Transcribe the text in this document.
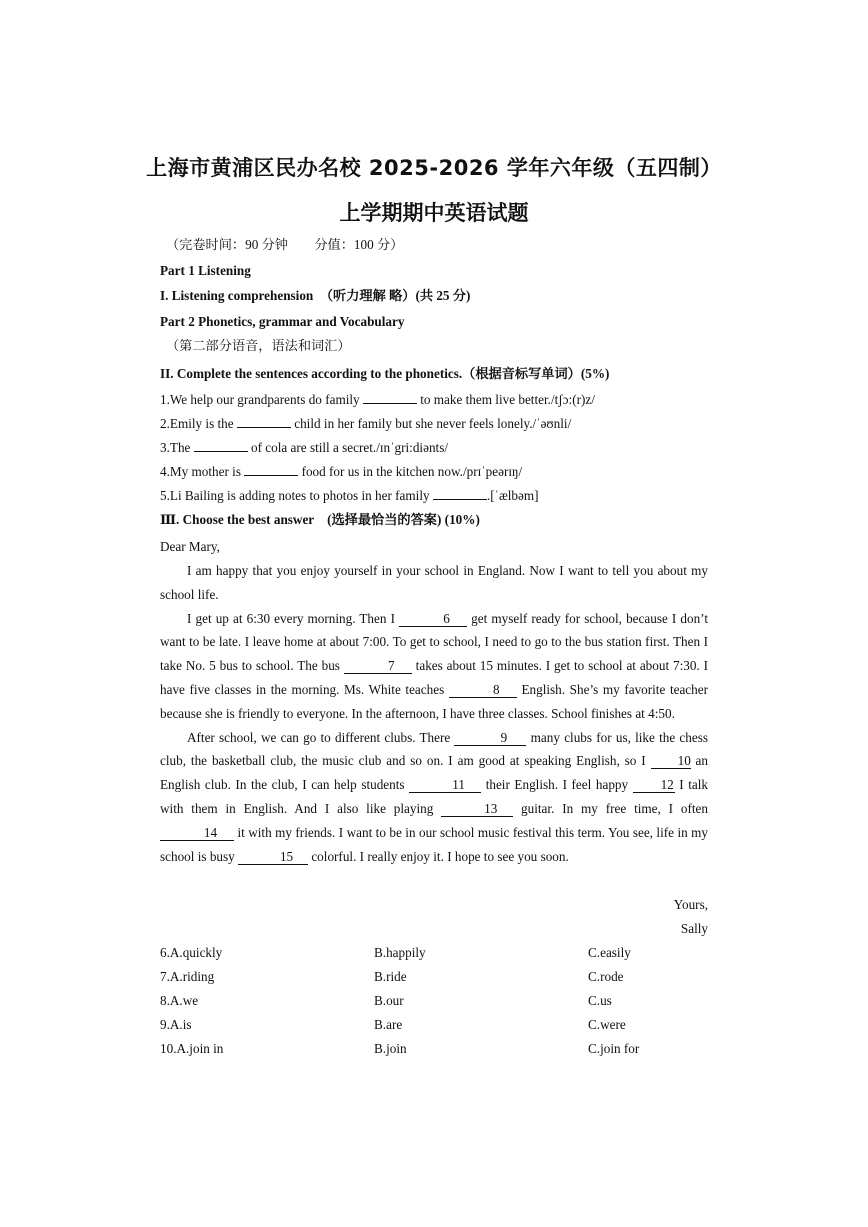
上海市黄浦区民办名校 2025-2026 学年六年级（五四制）
上学期期中英语试题
（完卷时间：90 分钟　　分值：100 分）
Part 1 Listening
I. Listening comprehension　（听力理解 略）(共 25 分)
Part 2 Phonetics, grammar and Vocabulary
（第二部分语音，语法和词汇）
II. Complete the sentences according to the phonetics.（根据音标写单词）(5%)
1.We help our grandparents do family	to make them live better./tʃɔ:(r)z/
2.Emily is the	child in her family but she never feels lonely./ˈəʊnli/
3.The	of cola are still a secret./ɪnˈgri:diənts/
4.My mother is	food for us in the kitchen now./prɪˈpeərɪŋ/
5.Li Bailing is adding notes to photos in her family	.[ˈælbəm]
Ⅲ. Choose the best answer　(选择最恰当的答案) (10%)
Dear Mary,

I am happy that you enjoy yourself in your school in England. Now I want to tell you about my school life.

I get up at 6:30 every morning. Then I	6 get myself ready for school, because I don’t want to be late. I leave home at about 7:00. To get to school, I need to go to the bus station first. Then I take No. 5 bus to school. The bus	7 takes about 15 minutes. I get to school at about 7:30. I have five classes in the morning. Ms. White teaches	8 English. She’s my favorite teacher because she is friendly to everyone. In the afternoon, I have three classes. School finishes at 4:50.

After school, we can go to different clubs. There	9 many clubs for us, like the chess club, the basketball club, the music club and so on. I am good at speaking English, so I 10 an English club. In the club, I can help students	11 their English. I feel happy 12 I talk with them in English. And I also like playing	13 guitar. In my free time, I often 14 it with my friends. I want to be in our school music festival this term. You see, life in my school is busy	15 colorful. I really enjoy it. I hope to see you soon.

Yours,
Sally
6.A.quickly	B.happily	C.easily
7.A.riding	B.ride	C.rode
8.A.we	B.our	C.us
9.A.is	B.are	C.were
10.A.join in	B.join	C.join for
